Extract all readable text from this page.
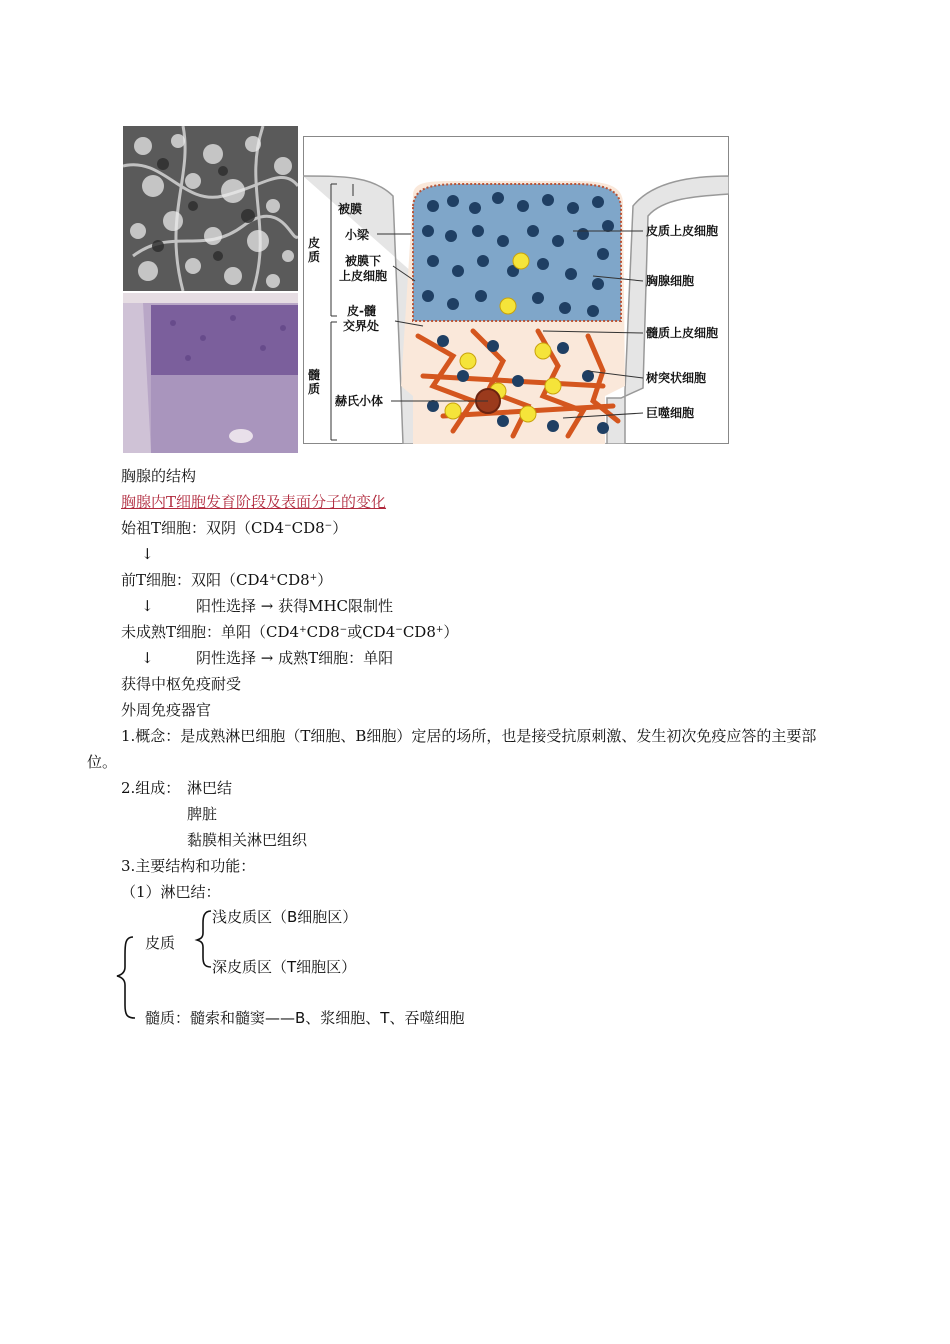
皮质
髓质
被膜
小梁
被膜下
上皮细胞
皮-髓
交界处
赫氏小体
皮质上皮细胞
胸腺细胞
髓质上皮细胞
树突状细胞
巨噬细胞
胸腺的结构
胸腺内T细胞发育阶段及表面分子的变化
始祖T细胞：双阴（CD4−CD8−）
↓
前T细胞：双阳（CD4+CD8+）
↓	阳性选择 → 获得MHC限制性
未成熟T细胞：单阳（CD4+CD8−或CD4−CD8+）
↓	阴性选择 → 成熟T细胞：单阳
获得中枢免疫耐受
外周免疫器官
1.概念：是成熟淋巴细胞（T细胞、B细胞）定居的场所，也是接受抗原刺激、发生初次免疫应答的主要部位。
2.组成： 淋巴结
脾脏
黏膜相关淋巴组织
3.主要结构和功能：
（1）淋巴结：
皮质
浅皮质区（B细胞区）
深皮质区（T细胞区）
髓质：髓索和髓窦——B、浆细胞、T、吞噬细胞
